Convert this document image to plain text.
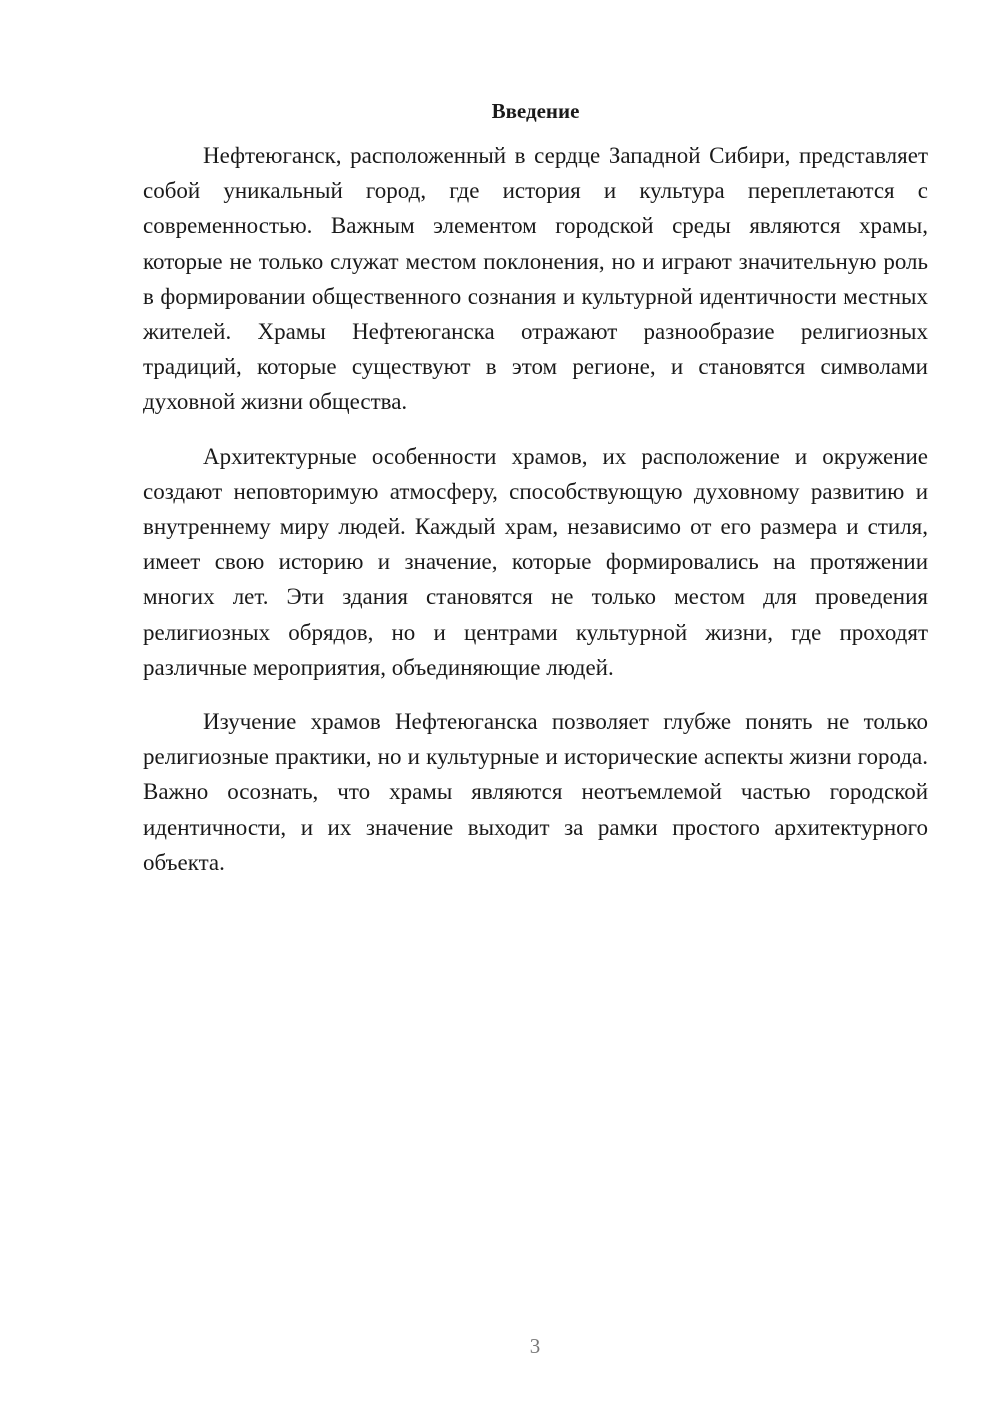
Введение

Нефтеюганск, расположенный в сердце Западной Сибири, представляет собой уникальный город, где история и культура переплетаются с современностью. Важным элементом городской среды являются храмы, которые не только служат местом поклонения, но и играют значительную роль в формировании общественного сознания и культурной идентичности местных жителей. Храмы Нефтеюганска отражают разнообразие религиозных традиций, которые существуют в этом регионе, и становятся символами духовной жизни общества.

Архитектурные особенности храмов, их расположение и окружение создают неповторимую атмосферу, способствующую духовному развитию и внутреннему миру людей. Каждый храм, независимо от его размера и стиля, имеет свою историю и значение, которые формировались на протяжении многих лет. Эти здания становятся не только местом для проведения религиозных обрядов, но и центрами культурной жизни, где проходят различные мероприятия, объединяющие людей.

Изучение храмов Нефтеюганска позволяет глубже понять не только религиозные практики, но и культурные и исторические аспекты жизни города. Важно осознать, что храмы являются неотъемлемой частью городской идентичности, и их значение выходит за рамки простого архитектурного объекта.

3
